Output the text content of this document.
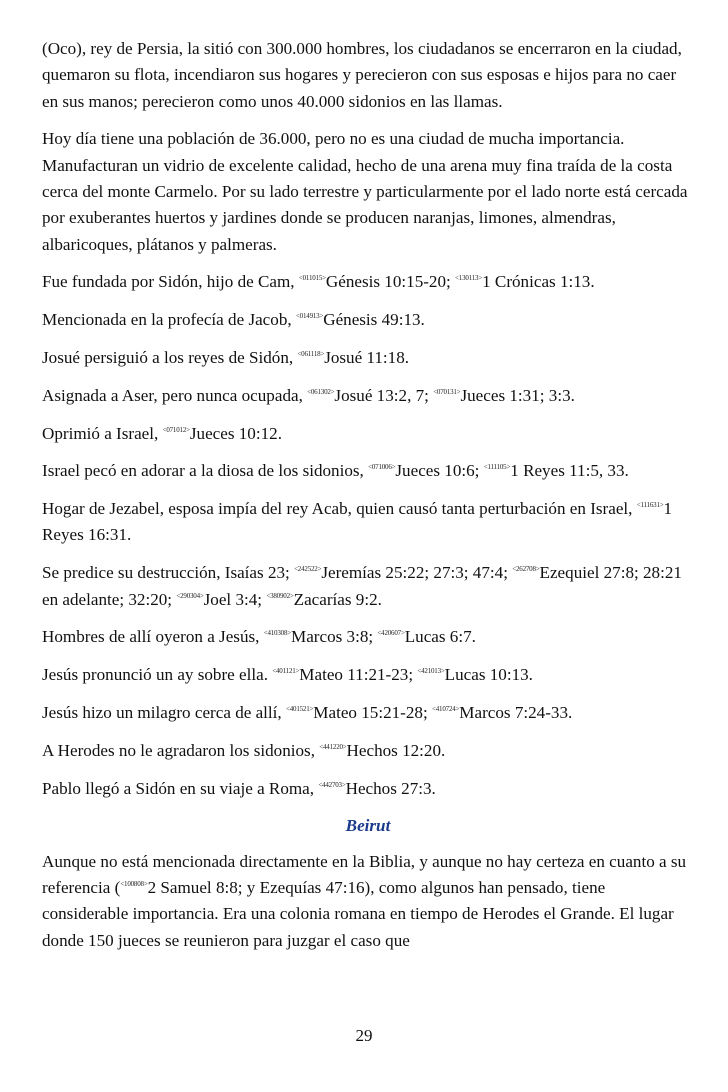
(Oco), rey de Persia, la sitió con 300.000 hombres, los ciudadanos se encerraron en la ciudad, quemaron su flota, incendiaron sus hogares y perecieron con sus esposas e hijos para no caer en sus manos; perecieron como unos 40.000 sidonios en las llamas.

Hoy día tiene una población de 36.000, pero no es una ciudad de mucha importancia. Manufacturan un vidrio de excelente calidad, hecho de una arena muy fina traída de la costa cerca del monte Carmelo. Por su lado terrestre y particularmente por el lado norte está cercada por exuberantes huertos y jardines donde se producen naranjas, limones, almendras, albaricoques, plátanos y palmeras.

Fue fundada por Sidón, hijo de Cam, $^{<011015>}$Génesis 10:15-20; $^{<130113>}$1 Crónicas 1:13.

Mencionada en la profecía de Jacob, $^{<014913>}$Génesis 49:13.

Josué persiguió a los reyes de Sidón, $^{<061118>}$Josué 11:18.

Asignada a Aser, pero nunca ocupada, $^{<061302>}$Josué 13:2, 7; $^{<070131>}$Jueces 1:31; 3:3.

Oprimió a Israel, $^{<071012>}$Jueces 10:12.

Israel pecó en adorar a la diosa de los sidonios, $^{<071006>}$Jueces 10:6; $^{<111105>}$1 Reyes 11:5, 33.

Hogar de Jezabel, esposa impía del rey Acab, quien causó tanta perturbación en Israel, $^{<111631>}$1 Reyes 16:31.

Se predice su destrucción, Isaías 23; $^{<242522>}$Jeremías 25:22; 27:3; 47:4; $^{<262708>}$Ezequiel 27:8; 28:21 en adelante; 32:20; $^{<290304>}$Joel 3:4; $^{<380902>}$Zacarías 9:2.

Hombres de allí oyeron a Jesús, $^{<410308>}$Marcos 3:8; $^{<420607>}$Lucas 6:7.

Jesús pronunció un ay sobre ella. $^{<401121>}$Mateo 11:21-23; $^{<421013>}$Lucas 10:13.

Jesús hizo un milagro cerca de allí, $^{<401521>}$Mateo 15:21-28; $^{<410724>}$Marcos 7:24-33.

A Herodes no le agradaron los sidonios, $^{<441220>}$Hechos 12:20.

Pablo llegó a Sidón en su viaje a Roma, $^{<442703>}$Hechos 27:3.

Beirut

Aunque no está mencionada directamente en la Biblia, y aunque no hay certeza en cuanto a su referencia ($^{<100808>}$2 Samuel 8:8; y Ezequías 47:16), como algunos han pensado, tiene considerable importancia. Era una colonia romana en tiempo de Herodes el Grande. El lugar donde 150 jueces se reunieron para juzgar el caso que

29
